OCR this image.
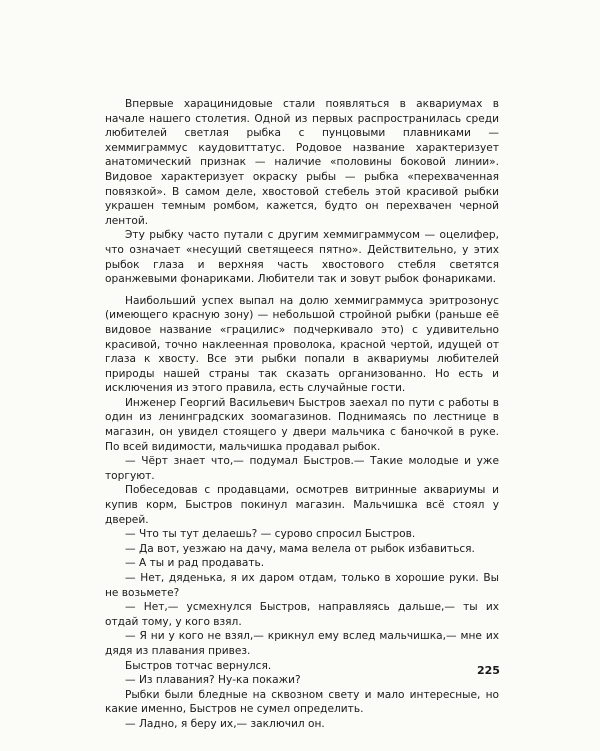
Впервые харацинидовые стали появляться в аквариумах в начале нашего столетия. Одной из первых распространилась среди любителей светлая рыбка с пунцовыми плавниками — хеммиграммус каудовиттатус. Родовое название характеризует анатомический признак — наличие «половины боковой линии». Видовое характеризует окраску рыбы — рыбка «перехваченная повязкой». В самом деле, хвостовой стебель этой красивой рыбки украшен темным ромбом, кажется, будто он перехвачен черной лентой.

Эту рыбку часто путали с другим хеммиграммусом — оцелифер, что означает «несущий светящееся пятно». Действительно, у этих рыбок глаза и верхняя часть хвостового стебля светятся оранжевыми фонариками. Любители так и зовут рыбок фонариками.

Наибольший успех выпал на долю хеммиграммуса эритрозонус (имеющего красную зону) — небольшой стройной рыбки (раньше её видовое название «грацилис» подчеркивало это) с удивительно красивой, точно наклеенная проволока, красной чертой, идущей от глаза к хвосту. Все эти рыбки попали в аквариумы любителей природы нашей страны так сказать организованно. Но есть и исключения из этого правила, есть случайные гости.

Инженер Георгий Васильевич Быстров заехал по пути с работы в один из ленинградских зоомагазинов. Поднимаясь по лестнице в магазин, он увидел стоящего у двери мальчика с баночкой в руке. По всей видимости, мальчишка продавал рыбок.

— Чёрт знает что,— подумал Быстров.— Такие молодые и уже торгуют.

Побеседовав с продавцами, осмотрев витринные аквариумы и купив корм, Быстров покинул магазин. Мальчишка всё стоял у дверей.

— Что ты тут делаешь? — сурово спросил Быстров.

— Да вот, уезжаю на дачу, мама велела от рыбок избавиться.

— А ты и рад продавать.

— Нет, дяденька, я их даром отдам, только в хорошие руки. Вы не возьмете?

— Нет,— усмехнулся Быстров, направляясь дальше,— ты их отдай тому, у кого взял.

— Я ни у кого не взял,— крикнул ему вслед мальчишка,— мне их дядя из плавания привез.

Быстров тотчас вернулся.

— Из плавания? Ну-ка покажи?

Рыбки были бледные на сквозном свету и мало интересные, но какие именно, Быстров не сумел определить.

— Ладно, я беру их,— заключил он.

225
